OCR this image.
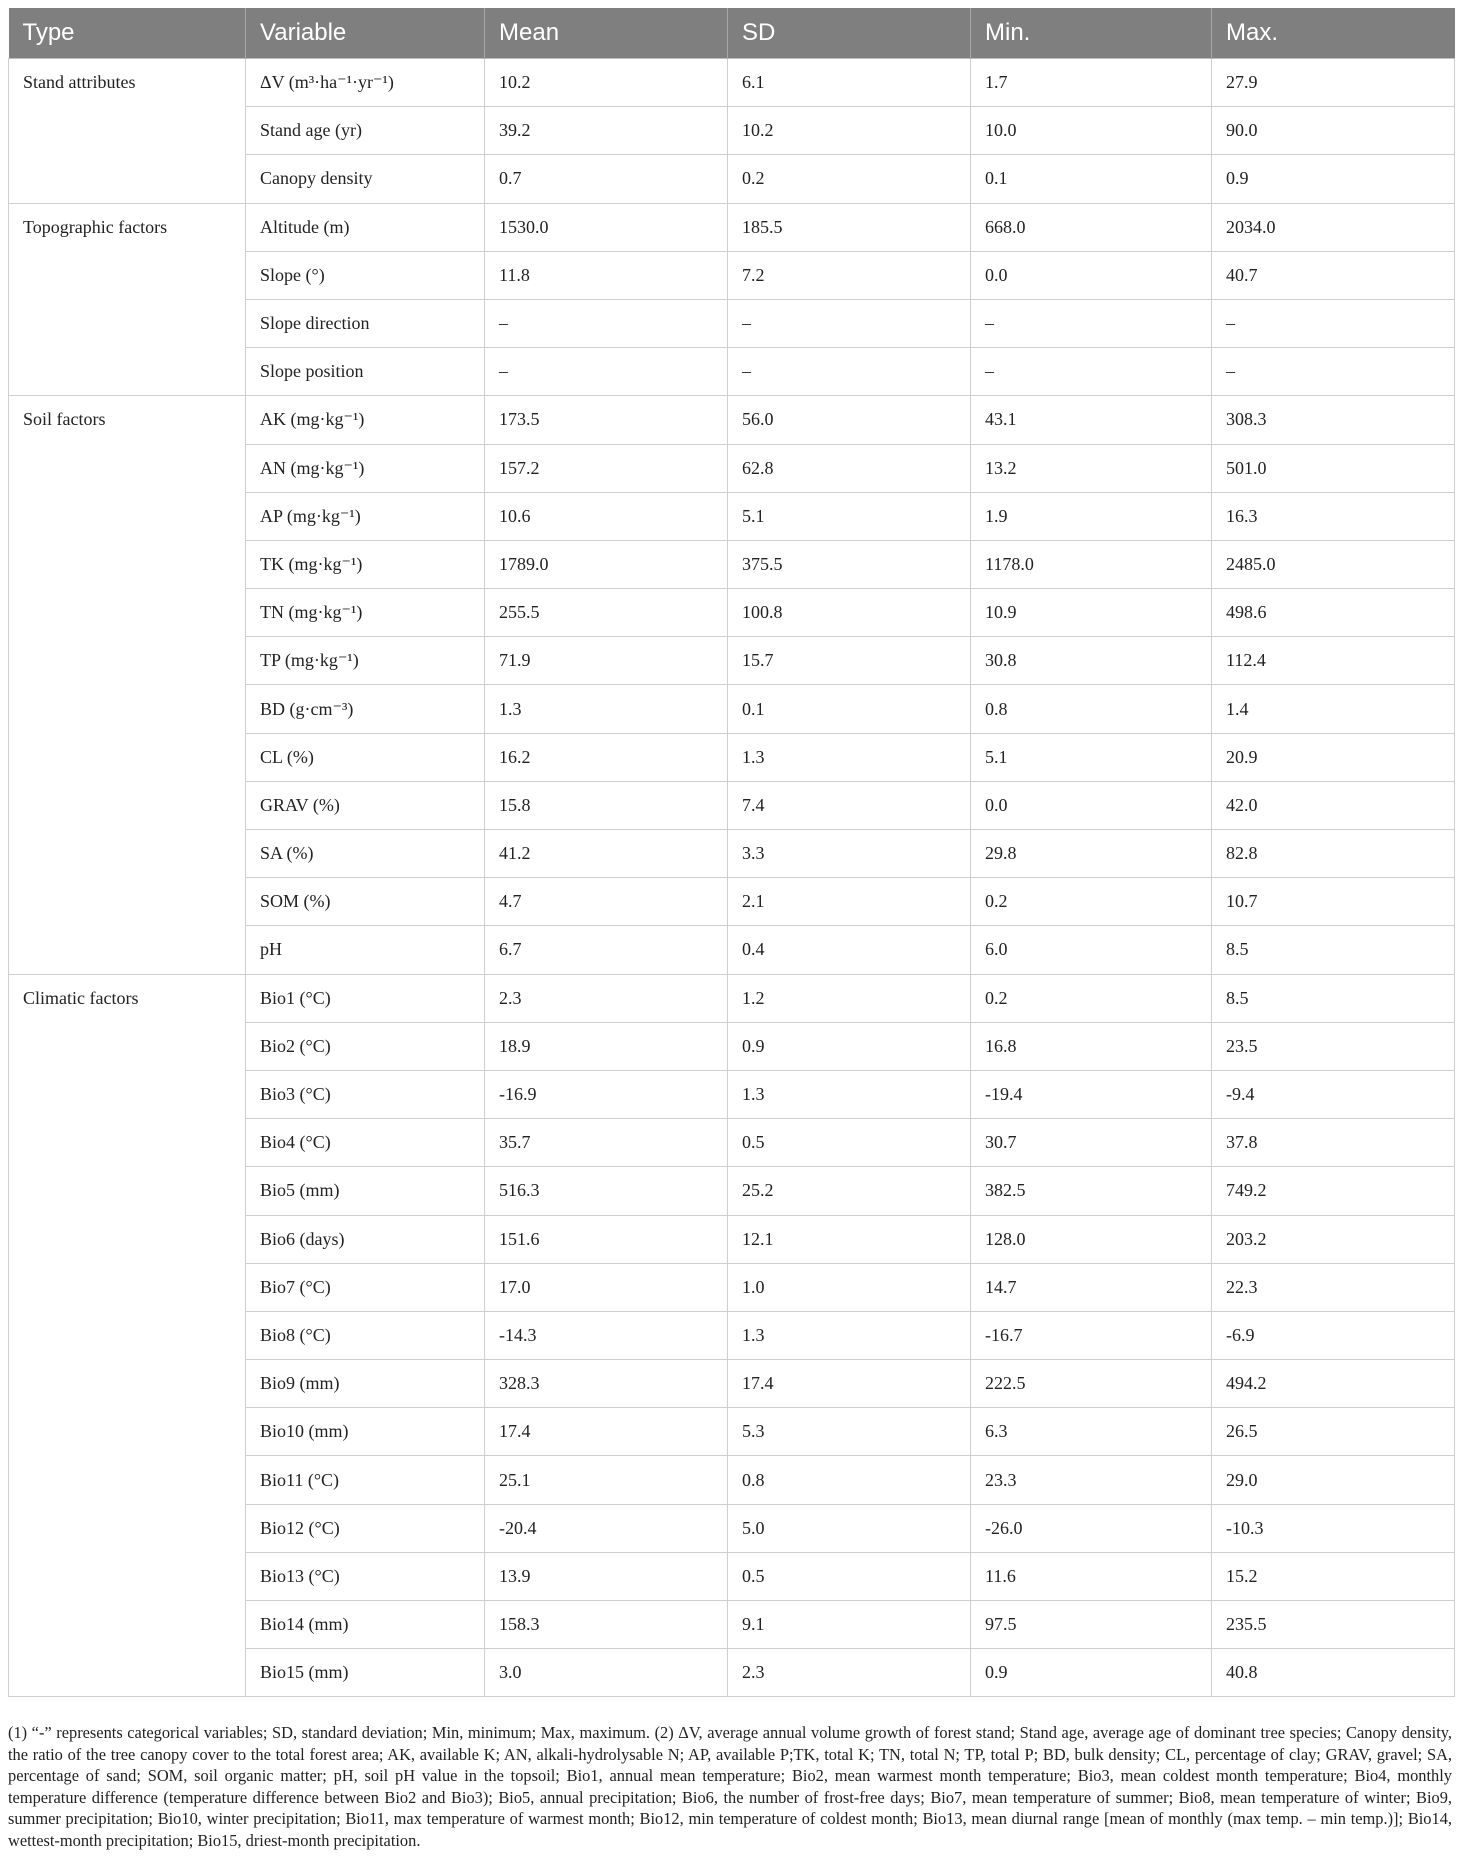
Type	Variable	Mean	SD	Min.	Max.
Stand attributes	ΔV (m³·ha⁻¹·yr⁻¹)	10.2	6.1	1.7	27.9
	Stand age (yr)	39.2	10.2	10.0	90.0
	Canopy density	0.7	0.2	0.1	0.9
Topographic factors	Altitude (m)	1530.0	185.5	668.0	2034.0
	Slope (°)	11.8	7.2	0.0	40.7
	Slope direction	–	–	–	–
	Slope position	–	–	–	–
Soil factors	AK (mg·kg⁻¹)	173.5	56.0	43.1	308.3
	AN (mg·kg⁻¹)	157.2	62.8	13.2	501.0
	AP (mg·kg⁻¹)	10.6	5.1	1.9	16.3
	TK (mg·kg⁻¹)	1789.0	375.5	1178.0	2485.0
	TN (mg·kg⁻¹)	255.5	100.8	10.9	498.6
	TP (mg·kg⁻¹)	71.9	15.7	30.8	112.4
	BD (g·cm⁻³)	1.3	0.1	0.8	1.4
	CL (%)	16.2	1.3	5.1	20.9
	GRAV (%)	15.8	7.4	0.0	42.0
	SA (%)	41.2	3.3	29.8	82.8
	SOM (%)	4.7	2.1	0.2	10.7
	pH	6.7	0.4	6.0	8.5
Climatic factors	Bio1 (°C)	2.3	1.2	0.2	8.5
	Bio2 (°C)	18.9	0.9	16.8	23.5
	Bio3 (°C)	-16.9	1.3	-19.4	-9.4
	Bio4 (°C)	35.7	0.5	30.7	37.8
	Bio5 (mm)	516.3	25.2	382.5	749.2
	Bio6 (days)	151.6	12.1	128.0	203.2
	Bio7 (°C)	17.0	1.0	14.7	22.3
	Bio8 (°C)	-14.3	1.3	-16.7	-6.9
	Bio9 (mm)	328.3	17.4	222.5	494.2
	Bio10 (mm)	17.4	5.3	6.3	26.5
	Bio11 (°C)	25.1	0.8	23.3	29.0
	Bio12 (°C)	-20.4	5.0	-26.0	-10.3
	Bio13 (°C)	13.9	0.5	11.6	15.2
	Bio14 (mm)	158.3	9.1	97.5	235.5
	Bio15 (mm)	3.0	2.3	0.9	40.8

(1) “-” represents categorical variables; SD, standard deviation; Min, minimum; Max, maximum. (2) ΔV, average annual volume growth of forest stand; Stand age, average age of dominant tree species; Canopy density, the ratio of the tree canopy cover to the total forest area; AK, available K; AN, alkali-hydrolysable N; AP, available P;TK, total K; TN, total N; TP, total P; BD, bulk density; CL, percentage of clay; GRAV, gravel; SA, percentage of sand; SOM, soil organic matter; pH, soil pH value in the topsoil; Bio1, annual mean temperature; Bio2, mean warmest month temperature; Bio3, mean coldest month temperature; Bio4, monthly temperature difference (temperature difference between Bio2 and Bio3); Bio5, annual precipitation; Bio6, the number of frost-free days; Bio7, mean temperature of summer; Bio8, mean temperature of winter; Bio9, summer precipitation; Bio10, winter precipitation; Bio11, max temperature of warmest month; Bio12, min temperature of coldest month; Bio13, mean diurnal range [mean of monthly (max temp. – min temp.)]; Bio14, wettest-month precipitation; Bio15, driest-month precipitation.
